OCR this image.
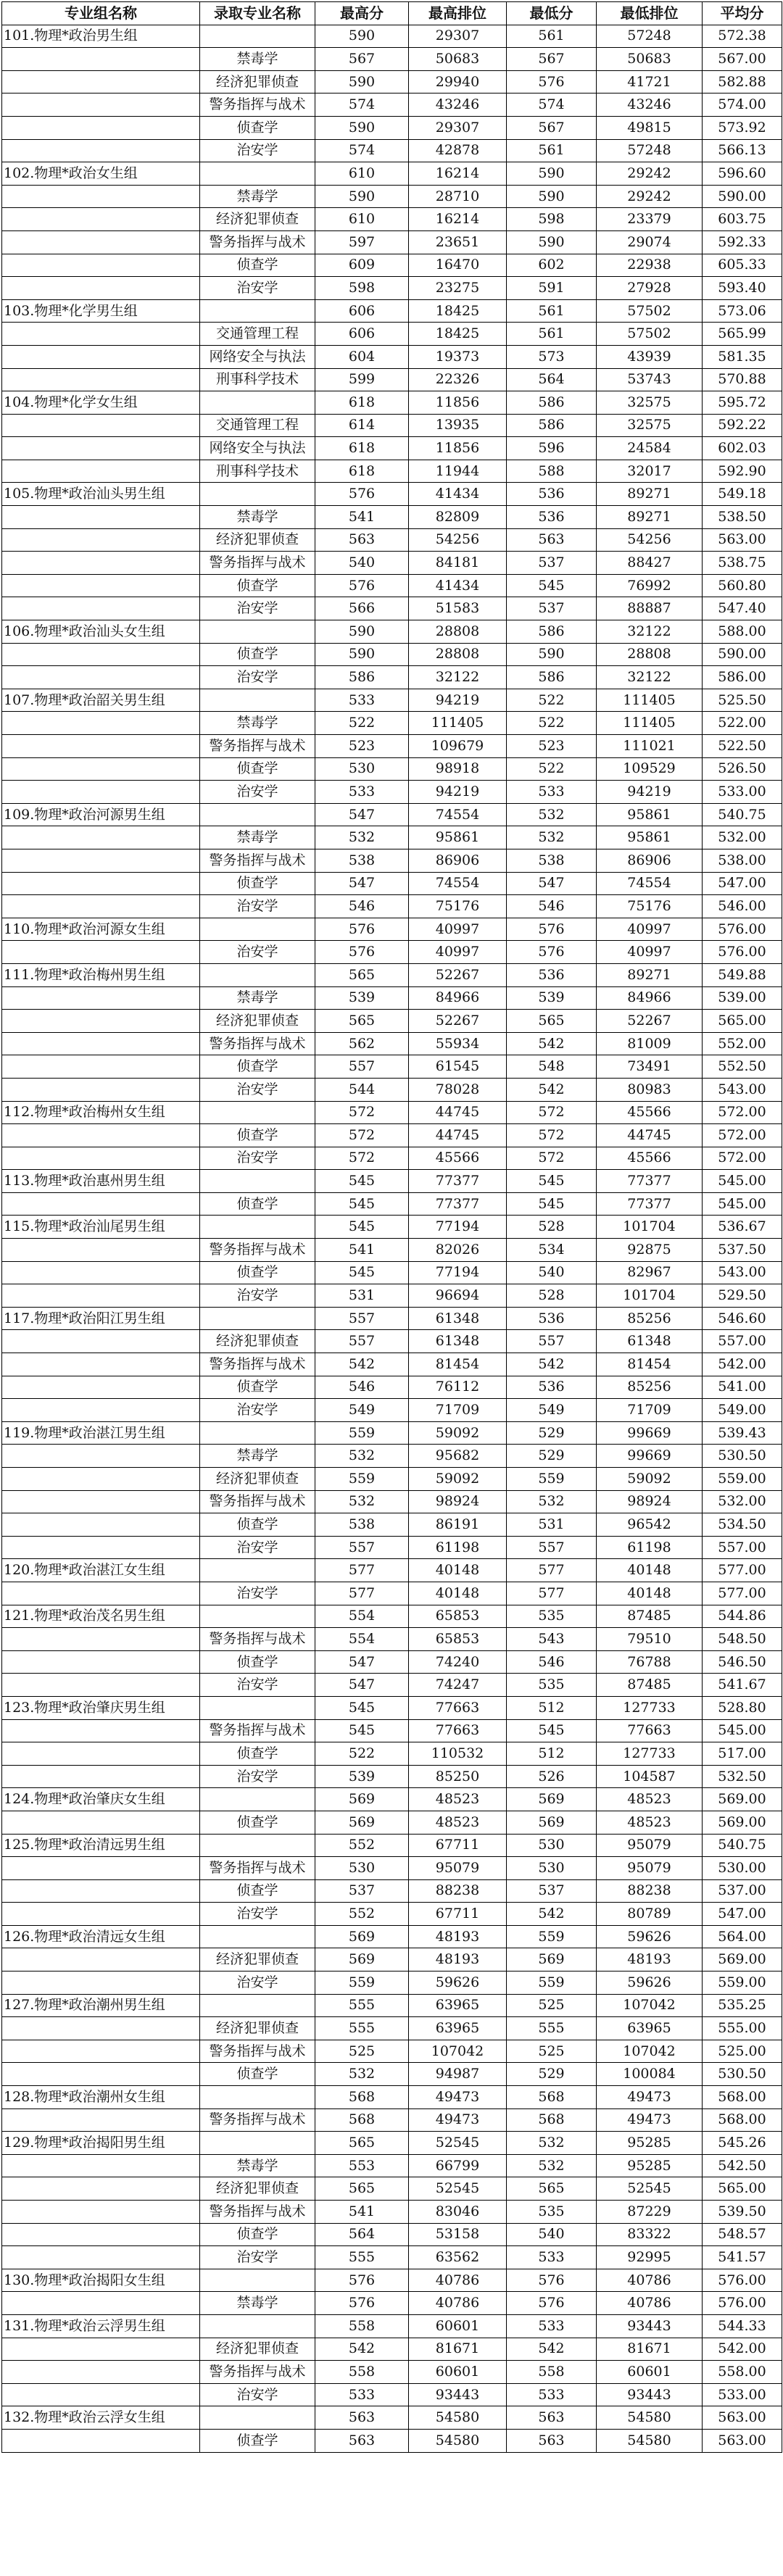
专业组名称	录取专业名称	最高分	最高排位	最低分	最低排位	平均分
101.物理*政治男生组		590	29307	561	57248	572.38
	禁毒学	567	50683	567	50683	567.00
	经济犯罪侦查	590	29940	576	41721	582.88
	警务指挥与战术	574	43246	574	43246	574.00
	侦查学	590	29307	567	49815	573.92
	治安学	574	42878	561	57248	566.13
102.物理*政治女生组		610	16214	590	29242	596.60
	禁毒学	590	28710	590	29242	590.00
	经济犯罪侦查	610	16214	598	23379	603.75
	警务指挥与战术	597	23651	590	29074	592.33
	侦查学	609	16470	602	22938	605.33
	治安学	598	23275	591	27928	593.40
103.物理*化学男生组		606	18425	561	57502	573.06
	交通管理工程	606	18425	561	57502	565.99
	网络安全与执法	604	19373	573	43939	581.35
	刑事科学技术	599	22326	564	53743	570.88
104.物理*化学女生组		618	11856	586	32575	595.72
	交通管理工程	614	13935	586	32575	592.22
	网络安全与执法	618	11856	596	24584	602.03
	刑事科学技术	618	11944	588	32017	592.90
105.物理*政治汕头男生组		576	41434	536	89271	549.18
	禁毒学	541	82809	536	89271	538.50
	经济犯罪侦查	563	54256	563	54256	563.00
	警务指挥与战术	540	84181	537	88427	538.75
	侦查学	576	41434	545	76992	560.80
	治安学	566	51583	537	88887	547.40
106.物理*政治汕头女生组		590	28808	586	32122	588.00
	侦查学	590	28808	590	28808	590.00
	治安学	586	32122	586	32122	586.00
107.物理*政治韶关男生组		533	94219	522	111405	525.50
	禁毒学	522	111405	522	111405	522.00
	警务指挥与战术	523	109679	523	111021	522.50
	侦查学	530	98918	522	109529	526.50
	治安学	533	94219	533	94219	533.00
109.物理*政治河源男生组		547	74554	532	95861	540.75
	禁毒学	532	95861	532	95861	532.00
	警务指挥与战术	538	86906	538	86906	538.00
	侦查学	547	74554	547	74554	547.00
	治安学	546	75176	546	75176	546.00
110.物理*政治河源女生组		576	40997	576	40997	576.00
	治安学	576	40997	576	40997	576.00
111.物理*政治梅州男生组		565	52267	536	89271	549.88
	禁毒学	539	84966	539	84966	539.00
	经济犯罪侦查	565	52267	565	52267	565.00
	警务指挥与战术	562	55934	542	81009	552.00
	侦查学	557	61545	548	73491	552.50
	治安学	544	78028	542	80983	543.00
112.物理*政治梅州女生组		572	44745	572	45566	572.00
	侦查学	572	44745	572	44745	572.00
	治安学	572	45566	572	45566	572.00
113.物理*政治惠州男生组		545	77377	545	77377	545.00
	侦查学	545	77377	545	77377	545.00
115.物理*政治汕尾男生组		545	77194	528	101704	536.67
	警务指挥与战术	541	82026	534	92875	537.50
	侦查学	545	77194	540	82967	543.00
	治安学	531	96694	528	101704	529.50
117.物理*政治阳江男生组		557	61348	536	85256	546.60
	经济犯罪侦查	557	61348	557	61348	557.00
	警务指挥与战术	542	81454	542	81454	542.00
	侦查学	546	76112	536	85256	541.00
	治安学	549	71709	549	71709	549.00
119.物理*政治湛江男生组		559	59092	529	99669	539.43
	禁毒学	532	95682	529	99669	530.50
	经济犯罪侦查	559	59092	559	59092	559.00
	警务指挥与战术	532	98924	532	98924	532.00
	侦查学	538	86191	531	96542	534.50
	治安学	557	61198	557	61198	557.00
120.物理*政治湛江女生组		577	40148	577	40148	577.00
	治安学	577	40148	577	40148	577.00
121.物理*政治茂名男生组		554	65853	535	87485	544.86
	警务指挥与战术	554	65853	543	79510	548.50
	侦查学	547	74240	546	76788	546.50
	治安学	547	74247	535	87485	541.67
123.物理*政治肇庆男生组		545	77663	512	127733	528.80
	警务指挥与战术	545	77663	545	77663	545.00
	侦查学	522	110532	512	127733	517.00
	治安学	539	85250	526	104587	532.50
124.物理*政治肇庆女生组		569	48523	569	48523	569.00
	侦查学	569	48523	569	48523	569.00
125.物理*政治清远男生组		552	67711	530	95079	540.75
	警务指挥与战术	530	95079	530	95079	530.00
	侦查学	537	88238	537	88238	537.00
	治安学	552	67711	542	80789	547.00
126.物理*政治清远女生组		569	48193	559	59626	564.00
	经济犯罪侦查	569	48193	569	48193	569.00
	治安学	559	59626	559	59626	559.00
127.物理*政治潮州男生组		555	63965	525	107042	535.25
	经济犯罪侦查	555	63965	555	63965	555.00
	警务指挥与战术	525	107042	525	107042	525.00
	侦查学	532	94987	529	100084	530.50
128.物理*政治潮州女生组		568	49473	568	49473	568.00
	警务指挥与战术	568	49473	568	49473	568.00
129.物理*政治揭阳男生组		565	52545	532	95285	545.26
	禁毒学	553	66799	532	95285	542.50
	经济犯罪侦查	565	52545	565	52545	565.00
	警务指挥与战术	541	83046	535	87229	539.50
	侦查学	564	53158	540	83322	548.57
	治安学	555	63562	533	92995	541.57
130.物理*政治揭阳女生组		576	40786	576	40786	576.00
	禁毒学	576	40786	576	40786	576.00
131.物理*政治云浮男生组		558	60601	533	93443	544.33
	经济犯罪侦查	542	81671	542	81671	542.00
	警务指挥与战术	558	60601	558	60601	558.00
	治安学	533	93443	533	93443	533.00
132.物理*政治云浮女生组		563	54580	563	54580	563.00
	侦查学	563	54580	563	54580	563.00
